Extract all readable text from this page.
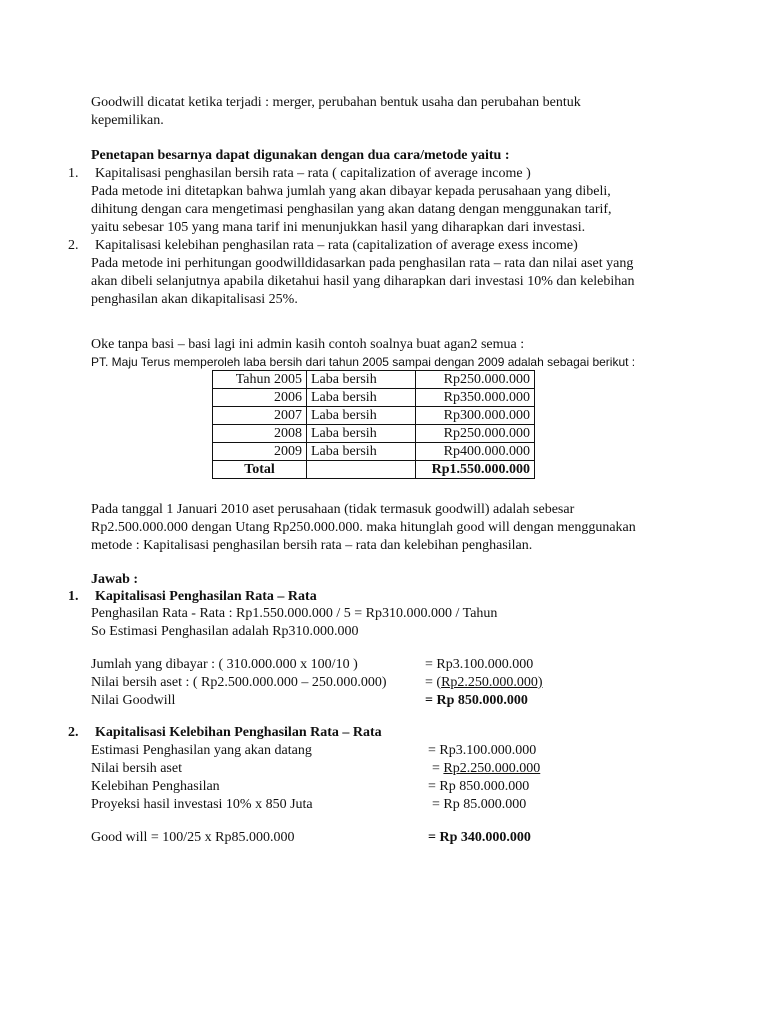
Goodwill dicatat ketika terjadi : merger, perubahan bentuk usaha dan perubahan bentuk
kepemilikan.
Penetapan besarnya dapat digunakan dengan dua cara/metode yaitu :
1. Kapitalisasi penghasilan bersih rata – rata ( capitalization of average income )
Pada metode ini ditetapkan bahwa jumlah yang akan dibayar kepada perusahaan yang dibeli,
dihitung dengan cara mengetimasi penghasilan yang akan datang dengan menggunakan tarif,
yaitu sebesar 105 yang mana tarif ini menunjukkan hasil yang diharapkan dari investasi.
2. Kapitalisasi kelebihan penghasilan rata – rata (capitalization of average exess income)
Pada metode ini perhitungan goodwilldidasarkan pada penghasilan rata – rata dan nilai aset yang
akan dibeli selanjutnya apabila diketahui hasil yang diharapkan dari investasi 10% dan kelebihan
penghasilan akan dikapitalisasi 25%.
Oke tanpa basi – basi lagi ini admin kasih contoh soalnya buat agan2 semua :
PT. Maju Terus memperoleh laba bersih dari tahun 2005 sampai dengan 2009 adalah sebagai berikut :
Tahun 2005	Laba bersih	Rp250.000.000
2006	Laba bersih	Rp350.000.000
2007	Laba bersih	Rp300.000.000
2008	Laba bersih	Rp250.000.000
2009	Laba bersih	Rp400.000.000
Total		Rp1.550.000.000
Pada tanggal 1 Januari 2010 aset perusahaan (tidak termasuk goodwill) adalah sebesar
Rp2.500.000.000 dengan Utang Rp250.000.000. maka hitunglah good will dengan menggunakan
metode : Kapitalisasi penghasilan bersih rata – rata dan kelebihan penghasilan.
Jawab :
1. Kapitalisasi Penghasilan Rata – Rata
Penghasilan Rata - Rata : Rp1.550.000.000 / 5 = Rp310.000.000 / Tahun
So Estimasi Penghasilan adalah Rp310.000.000
Jumlah yang dibayar : ( 310.000.000 x 100/10 )	= Rp3.100.000.000
Nilai bersih aset : ( Rp2.500.000.000 – 250.000.000)	= (Rp2.250.000.000)
Nilai Goodwill	= Rp 850.000.000
2. Kapitalisasi Kelebihan Penghasilan Rata – Rata
Estimasi Penghasilan yang akan datang	= Rp3.100.000.000
Nilai bersih aset	= Rp2.250.000.000
Kelebihan Penghasilan	= Rp 850.000.000
Proyeksi hasil investasi 10% x 850 Juta	= Rp 85.000.000
Good will = 100/25 x Rp85.000.000	= Rp 340.000.000
